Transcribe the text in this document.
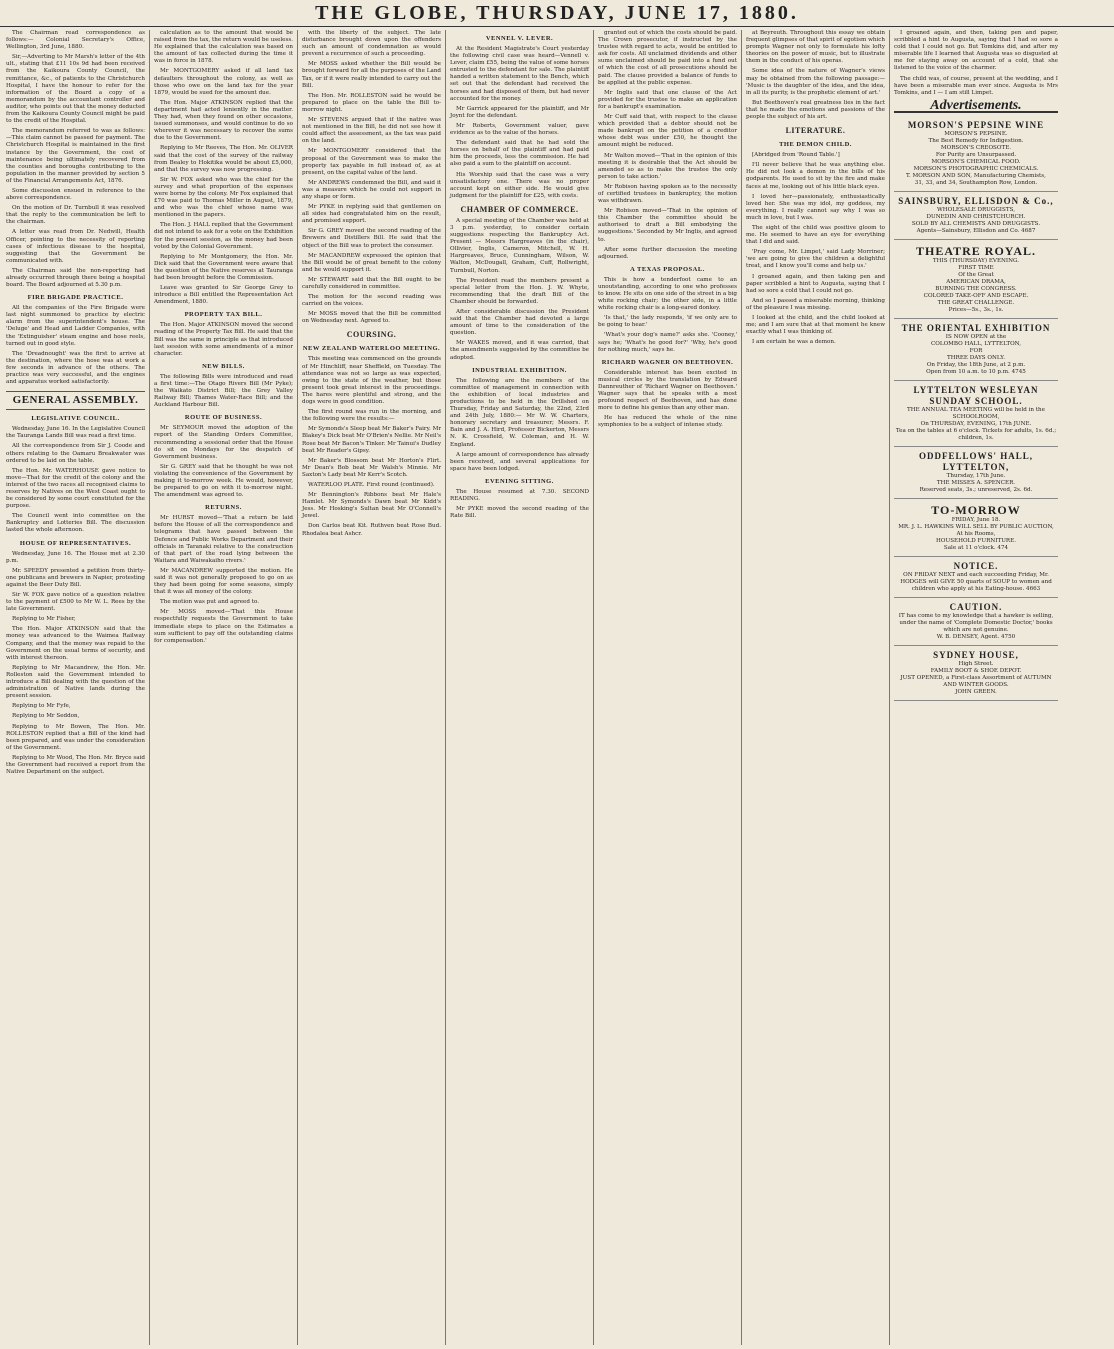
THE GLOBE, THURSDAY, JUNE 17, 1880.

The Chairman read correspondence as follows:— Colonial Secretary's Office, Wellington, 3rd June, 1880.

Sir,—Adverting to Mr Marsh's letter of the 4th ult., stating that £11 10s 9d had been received from the Kaikoura County Council, the remittance, &c., of patients to the Christchurch Hospital, I have the honour to refer for the information of the Board a copy of a memorandum by the accountant controller and auditor, who points out that the money deducted from the Kaikoura County Council might be paid to the credit of the Hospital.

The memorandum referred to was as follows:—This claim cannot be passed for payment. The Christchurch Hospital is maintained in the first instance by the Government, the cost of maintenance being ultimately recovered from the counties and boroughs contributing to the population in the manner provided by section 5 of the Financial Arrangements Act, 1876.

Some discussion ensued in reference to the above correspondence.

On the motion of Dr. Turnbull it was resolved that the reply to the communication be left to the chairman.

A letter was read from Dr. Nedwill, Health Officer, pointing to the necessity of reporting cases of infectious disease to the hospital, suggesting that the Government be communicated with.

The Chairman said the non-reporting had already occurred through there being a hospital board. The Board adjourned at 5.30 p.m.

FIRE BRIGADE PRACTICE.

All the companies of the Fire Brigade were last night summoned to practice by electric alarm from the superintendent's house. The 'Deluge' and Head and Ladder Companies, with the 'Extinguisher' steam engine and hose reels, turned out in good style.

The 'Dreadnought' was the first to arrive at the destination, where the hose was at work a few seconds in advance of the others. The practice was very successful, and the engines and apparatus worked satisfactorily.

GENERAL ASSEMBLY.
LEGISLATIVE COUNCIL.

Wednesday, June 16. In the Legislative Council the Tauranga Lands Bill was read a first time.

All the correspondence from Sir J. Coode and others relating to the Oamaru Breakwater was ordered to be laid on the table.

The Hon. Mr. WATERHOUSE gave notice to move—That for the credit of the colony and the interest of the two races all recognised claims to reserves by Natives on the West Coast ought to be considered by some court constituted for the purpose.

The Council went into committee on the Bankruptcy and Lotteries Bill. The discussion lasted the whole afternoon.

HOUSE OF REPRESENTATIVES.

Wednesday, June 16. The House met at 2.30 p.m.

Mr. SPEEDY presented a petition from thirty-one publicans and brewers in Napier, protesting against the Beer Duty Bill.

Sir W. FOX gave notice of a question relative to the payment of £500 to Mr W. L. Rees by the late Government.

Replying to Mr Fisher,

The Hon. Major ATKINSON said that the money was advanced to the Waimea Railway Company, and that the money was repaid to the Government on the usual terms of security, and with interest thereon.

Replying to Mr Macandrew, the Hon. Mr. Rolleston said the Government intended to introduce a Bill dealing with the question of the administration of Native lands during the present session.

Replying to Mr Fyfe,

Replying to Mr Seddon,

Replying to Mr Bowen, The Hon. Mr. ROLLESTON replied that a Bill of the kind had been prepared, and was under the consideration of the Government.

Replying to Mr Wood, The Hon. Mr. Bryce said the Government had received a report from the Native Department on the subject.

calculation as to the amount that would be raised from the tax, the return would be useless. He explained that the calculation was based on the amount of tax collected during the time it was in force in 1878.

Mr MONTGOMERY asked if all land tax defaulters throughout the colony, as well as those who owe on the land tax for the year 1879, would be sued for the amount due.

The Hon. Major ATKINSON replied that the department had acted leniently in the matter. They had, when they found on other occasions, issued summonses, and would continue to do so wherever it was necessary to recover the sums due to the Government.

Replying to Mr Reeves, The Hon. Mr. OLIVER said that the cost of the survey of the railway from Bealey to Hokitika would be about £5,000, and that the survey was now progressing.

Sir W. FOX asked who was the chief for the survey and what proportion of the expenses were borne by the colony. Mr Fox explained that £70 was paid to Thomas Miller in August, 1879, and who was the chief whose name was mentioned in the papers.

The Hon. J. HALL replied that the Government did not intend to ask for a vote on the Exhibition for the present session, as the money had been voted by the Colonial Government.

Replying to Mr Montgomery, the Hon. Mr. Dick said that the Government were aware that the question of the Native reserves at Tauranga had been brought before the Commission.

Leave was granted to Sir George Grey to introduce a Bill entitled the Representation Act Amendment, 1880.

PROPERTY TAX BILL.

The Hon. Major ATKINSON moved the second reading of the Property Tax Bill. He said that the Bill was the same in principle as that introduced last session with some amendments of a minor character.

NEW BILLS.

The following Bills were introduced and read a first time:—The Otago Rivers Bill (Mr Pyke); the Waikato District Bill; the Grey Valley Railway Bill; Thames Water-Race Bill; and the Auckland Harbour Bill.

ROUTE OF BUSINESS.

Mr SEYMOUR moved the adoption of the report of the Standing Orders Committee, recommending a sessional order that the House do sit on Mondays for the despatch of Government business.

Sir G. GREY said that he thought he was not violating the convenience of the Government by making it to-morrow week. He would, however, be prepared to go on with it to-morrow night. The amendment was agreed to.

RETURNS.

Mr HURST moved—'That a return be laid before the House of all the correspondence and telegrams that have passed between the Defence and Public Works Department and their officials in Taranaki relative to the construction of that part of the road lying between the Waitara and Waiwakaiho rivers.'

Mr MACANDREW supported the motion. He said it was not generally proposed to go on as they had been going for some seasons, simply that it was all money of the colony.

The motion was put and agreed to.

Mr MOSS moved—'That this House respectfully requests the Government to take immediate steps to place on the Estimates a sum sufficient to pay off the outstanding claims for compensation.'

with the liberty of the subject. The late disturbance brought down upon the offenders such an amount of condemnation as would prevent a recurrence of such a proceeding.

Mr MOSS asked whether the Bill would be brought forward for all the purposes of the Land Tax, or if it were really intended to carry out the Bill.

The Hon. Mr. ROLLESTON said he would be prepared to place on the table the Bill to-morrow night.

Mr STEVENS argued that if the native was not mentioned in the Bill, he did not see how it could affect the assessment, as the tax was paid on the land.

Mr MONTGOMERY considered that the proposal of the Government was to make the property tax payable in full instead of, as at present, on the capital value of the land.

Mr ANDREWS condemned the Bill, and said it was a measure which he could not support in any shape or form.

Mr PYKE in replying said that gentlemen on all sides had congratulated him on the result, and promised support.

Sir G. GREY moved the second reading of the Brewers and Distillers Bill. He said that the object of the Bill was to protect the consumer.

Mr MACANDREW expressed the opinion that the Bill would be of great benefit to the colony and he would support it.

Mr STEWART said that the Bill ought to be carefully considered in committee.

The motion for the second reading was carried on the voices.

Mr MOSS moved that the Bill be committed on Wednesday next. Agreed to.

COURSING.
NEW ZEALAND WATERLOO MEETING.

This meeting was commenced on the grounds of Mr Hinchliff, near Sheffield, on Tuesday. The attendance was not so large as was expected, owing to the state of the weather, but those present took great interest in the proceedings. The hares were plentiful and strong, and the dogs were in good condition.

The first round was run in the morning, and the following were the results:—

Mr Symonds's Sleep beat Mr Baker's Fairy. Mr Blakey's Dick beat Mr O'Brien's Nellie. Mr Neil's Rose beat Mr Bacon's Tinker. Mr Tainui's Dudley beat Mr Reader's Gipsy.

Mr Baker's Blossom beat Mr Horton's Flirt. Mr Dean's Bob beat Mr Walsh's Minnie. Mr Saxton's Lady beat Mr Kerr's Scotch.

WATERLOO PLATE. First round (continued).

Mr Bennington's Ribbons beat Mr Hale's Hamlet. Mr Symonds's Dawn beat Mr Kidd's Jess. Mr Hosking's Sultan beat Mr O'Connell's Jewel.

Don Carlos beat Kit. Ruthven beat Rose Bud. Rhodalea beat Ashcr.

VENNEL V. LEVER.

At the Resident Magistrate's Court yesterday the following civil case was heard—Vennell v. Lever, claim £55, being the value of some horses entrusted to the defendant for sale. The plaintiff handed a written statement to the Bench, which set out that the defendant had received the horses and had disposed of them, but had never accounted for the money.

Mr Garrick appeared for the plaintiff, and Mr Joynt for the defendant.

Mr Roberts, Government valuer, gave evidence as to the value of the horses.

The defendant said that he had sold the horses on behalf of the plaintiff and had paid him the proceeds, less the commission. He had also paid a sum to the plaintiff on account.

His Worship said that the case was a very unsatisfactory one. There was no proper account kept on either side. He would give judgment for the plaintiff for £25, with costs.

CHAMBER OF COMMERCE.

A special meeting of the Chamber was held at 3 p.m. yesterday, to consider certain suggestions respecting the Bankruptcy Act. Present — Messrs Hargreaves (in the chair), Ollivier, Inglis, Cameron, Mitchell, W. H. Hargreaves, Bruce, Cunningham, Wilson, W. Walton, McDougall, Graham, Cuff, Rollwright, Turnbull, Norton.

The President read the members present a special letter from the Hon. J. W. Whyte, recommending that the draft Bill of the Chamber should be forwarded.

After considerable discussion the President said that the Chamber had devoted a large amount of time to the consideration of the question.

Mr WAKES moved, and it was carried, that the amendments suggested by the committee be adopted.

INDUSTRIAL EXHIBITION.

The following are the members of the committee of management in connection with the exhibition of local industries and productions to be held in the Drillshed on Thursday, Friday and Saturday, the 22nd, 23rd and 24th July, 1880:— Mr W. W. Charters, honorary secretary and treasurer; Messrs. F. Bain and J. A. Hird, Professor Bickerton, Messrs N. K. Crossfield, W. Coleman, and H. W. England.

A large amount of correspondence has already been received, and several applications for space have been lodged.

EVENING SITTING.

The House resumed at 7.30. SECOND READING.

Mr PYKE moved the second reading of the Rate Bill.

granted out of which the costs should be paid. The Crown prosecutor, if instructed by the trustee with regard to acts, would be entitled to ask for costs. All unclaimed dividends and other sums unclaimed should be paid into a fund out of which the cost of all prosecutions should be paid. The clause provided a balance of funds to be applied at the public expense.

Mr Inglis said that one clause of the Act provided for the trustee to make an application for a bankrupt's examination.

Mr Cuff said that, with respect to the clause which provided that a debtor should not be made bankrupt on the petition of a creditor whose debt was under £50, he thought the amount might be reduced.

Mr Walton moved—'That in the opinion of this meeting it is desirable that the Act should be amended so as to make the trustee the only person to take action.'

Mr Robison having spoken as to the necessity of certified trustees in bankruptcy, the motion was withdrawn.

Mr Robison moved—'That in the opinion of this Chamber the committee should be authorised to draft a Bill embodying the suggestions.' Seconded by Mr Inglis, and agreed to.

After some further discussion the meeting adjourned.

A TEXAS PROPOSAL.

This is how a tenderfoot came to an unoutstanding, according to one who professes to know. He sits on one side of the street in a big white rocking chair; the other side, in a little white rocking chair is a long-eared donkey.

'Is that,' the lady responds, 'if we only are to be going to hear.'

'What's your dog's name?' asks she. 'Cooney,' says he; 'What's he good for?' 'Why, he's good for nothing much,' says he.

RICHARD WAGNER ON BEETHOVEN.

Considerable interest has been excited in musical circles by the translation by Edward Dannreuther of 'Richard Wagner on Beethoven.' Wagner says that he speaks with a most profound respect of Beethoven, and has done more to define his genius than any other man.

He has reduced the whole of the nine symphonies to be a subject of intense study.

at Beyreuth. Throughout this essay we obtain frequent glimpses of that spirit of egotism which prompts Wagner not only to formulate his lofty theories on the power of music, but to illustrate them in the conduct of his operas.

Some idea of the nature of Wagner's views may be obtained from the following passage:— 'Music is the daughter of the idea, and the idea, in all its purity, is the prophetic element of art.'

But Beethoven's real greatness lies in the fact that he made the emotions and passions of the people the subject of his art.

LITERATURE.
THE DEMON CHILD.

[Abridged from 'Round Table.']

I'll never believe that he was anything else. He did not look a demon in the bills of his godparents. He used to sit by the fire and make faces at me, looking out of his little black eyes.

I loved her—passionately, enthusiastically loved her. She was my idol, my goddess, my everything. I really cannot say why I was so much in love, but I was.

The sight of the child was positive gloom to me. He seemed to have an eye for everything that I did and said.

'Pray come, Mr. Limpet,' said Lady Morriner; 'we are going to give the children a delightful treat, and I know you'll come and help us.'

I groaned again, and then taking pen and paper scribbled a hint to Augusta, saying that I had so sore a cold that I could not go.

And so I passed a miserable morning, thinking of the pleasure I was missing.

I looked at the child, and the child looked at me; and I am sure that at that moment he knew exactly what I was thinking of.

I am certain he was a demon.

I groaned again, and then, taking pen and paper, scribbled a hint to Augusta, saying that I had so sore a cold that I could not go. But Tomkins did, and after my miserable life I learned that Augusta was so disgusted at me for staying away on account of a cold, that she listened to the voice of the charmer.

The child was, of course, present at the wedding, and I have been a miserable man ever since. Augusta is Mrs Tomkins, and I — I am still Limpet.

Advertisements.
MORSON'S PEPSINE WINE
MORSON'S PEPSINE.
The Best Remedy for Indigestion.
MORSON'S CREOSOTE.
For Purity are Unsurpassed.
MORSON'S CHEMICAL FOOD.
MORSON'S PHOTOGRAPHIC CHEMICALS.
T. MORSON AND SON, Manufacturing Chemists,
31, 33, and 34, Southampton Row, London.
SAINSBURY, ELLISDON & Co.,
WHOLESALE DRUGGISTS,
DUNEDIN AND CHRISTCHURCH.
SOLD BY ALL CHEMISTS AND DRUGGISTS.
Agents—Sainsbury, Ellisdon and Co. 4687
THEATRE ROYAL.
THIS (THURSDAY) EVENING.
FIRST TIME
Of the Great
AMERICAN DRAMA,
BURNING THE CONGRESS.
COLORED TAKE-OFF AND ESCAPE.
THE GREAT CHALLENGE.
Prices—5s., 3s., 1s.
THE ORIENTAL EXHIBITION
IS NOW OPEN at the
COLOMBO HALL, LYTTELTON,
FOR
THREE DAYS ONLY.
On Friday, the 18th June, at 2 p.m.
Open from 10 a.m. to 10 p.m. 4745
LYTTELTON WESLEYAN SUNDAY SCHOOL.
THE ANNUAL TEA MEETING will be held in the
SCHOOLROOM,
On THURSDAY, EVENING, 17th JUNE.
Tea on the tables at 6 o'clock. Tickets for adults, 1s. 6d.; children, 1s.
ODDFELLOWS' HALL, LYTTELTON,
Thursday, 17th June.
THE MISSES A. SPENCER.
Reserved seats, 3s.; unreserved, 2s. 6d.
TO-MORROW
FRIDAY, June 18.
MR. J. L. HAWKINS WILL SELL BY PUBLIC AUCTION,
At his Rooms,
HOUSEHOLD FURNITURE.
Sale at 11 o'clock. 474
NOTICE.
ON FRIDAY NEXT and each succeeding Friday, Mr. HODGES will GIVE 50 quarts of SOUP to women and children who apply at his Eating-house. 4663
CAUTION.
IT has come to my knowledge that a hawker is selling, under the name of 'Complete Domestic Doctor,' books which are not genuine.
W. B. DENSEY, Agent. 4750
SYDNEY HOUSE,
High Street.
FAMILY BOOT & SHOE DEPOT.
JUST OPENED, a First-class Assortment of AUTUMN AND WINTER GOODS.
JOHN GREEN.
